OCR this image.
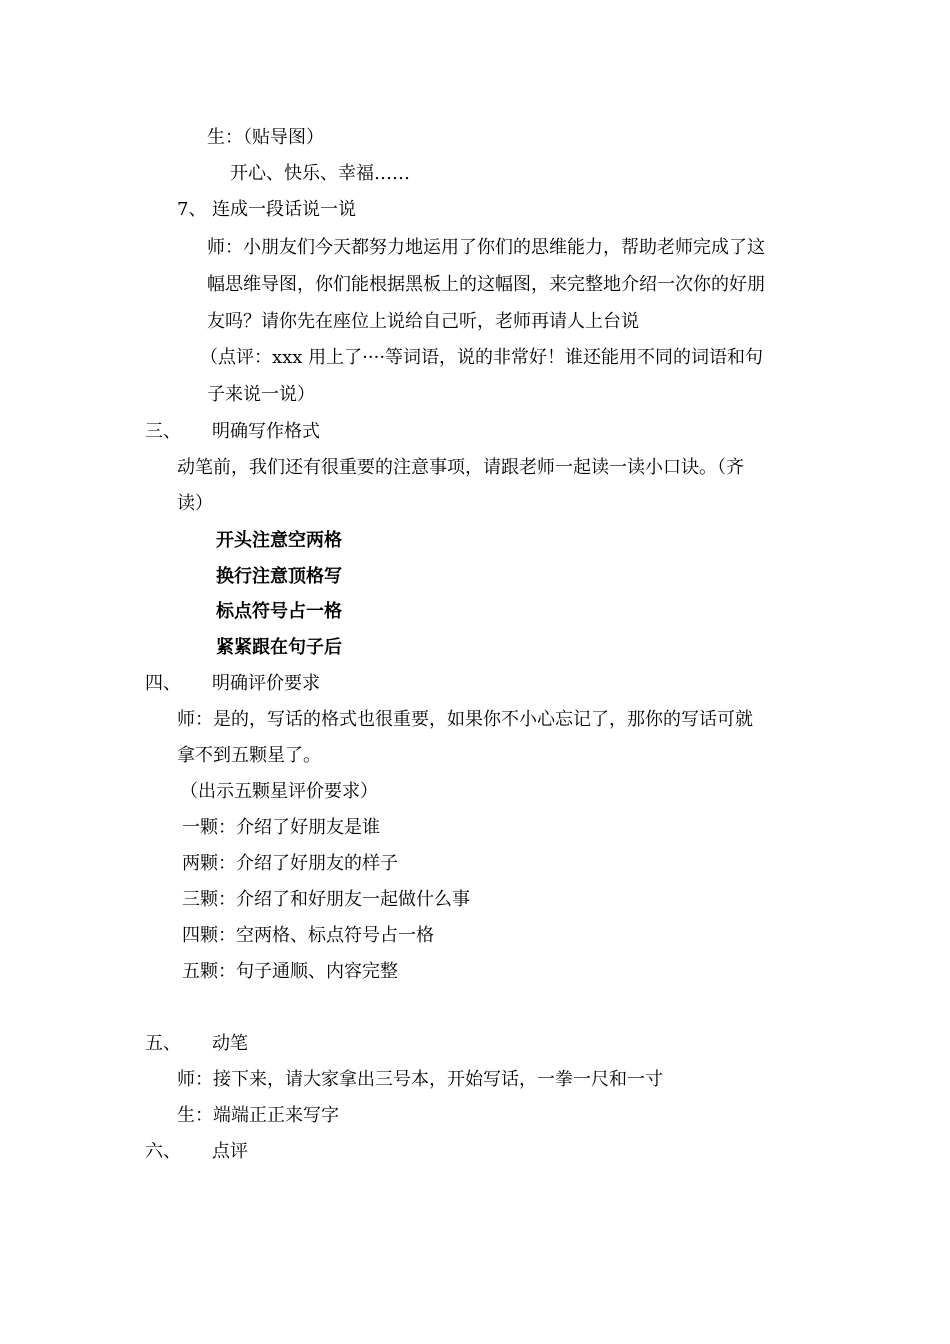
生：（贴导图）
开心、快乐、幸福……
7、 连成一段话说一说
师：小朋友们今天都努力地运用了你们的思维能力，帮助老师完成了这
幅思维导图，你们能根据黑板上的这幅图，来完整地介绍一次你的好朋
友吗？请你先在座位上说给自己听，老师再请人上台说
（点评：xxx 用上了····等词语，说的非常好！谁还能用不同的词语和句
子来说一说）
三、 明确写作格式
动笔前，我们还有很重要的注意事项，请跟老师一起读一读小口诀。（齐
读）
开头注意空两格
换行注意顶格写
标点符号占一格
紧紧跟在句子后
四、 明确评价要求
师：是的，写话的格式也很重要，如果你不小心忘记了，那你的写话可就
拿不到五颗星了。
（出示五颗星评价要求）
一颗：介绍了好朋友是谁
两颗：介绍了好朋友的样子
三颗：介绍了和好朋友一起做什么事
四颗：空两格、标点符号占一格
五颗：句子通顺、内容完整
五、 动笔
师：接下来，请大家拿出三号本，开始写话，一拳一尺和一寸
生：端端正正来写字
六、 点评
